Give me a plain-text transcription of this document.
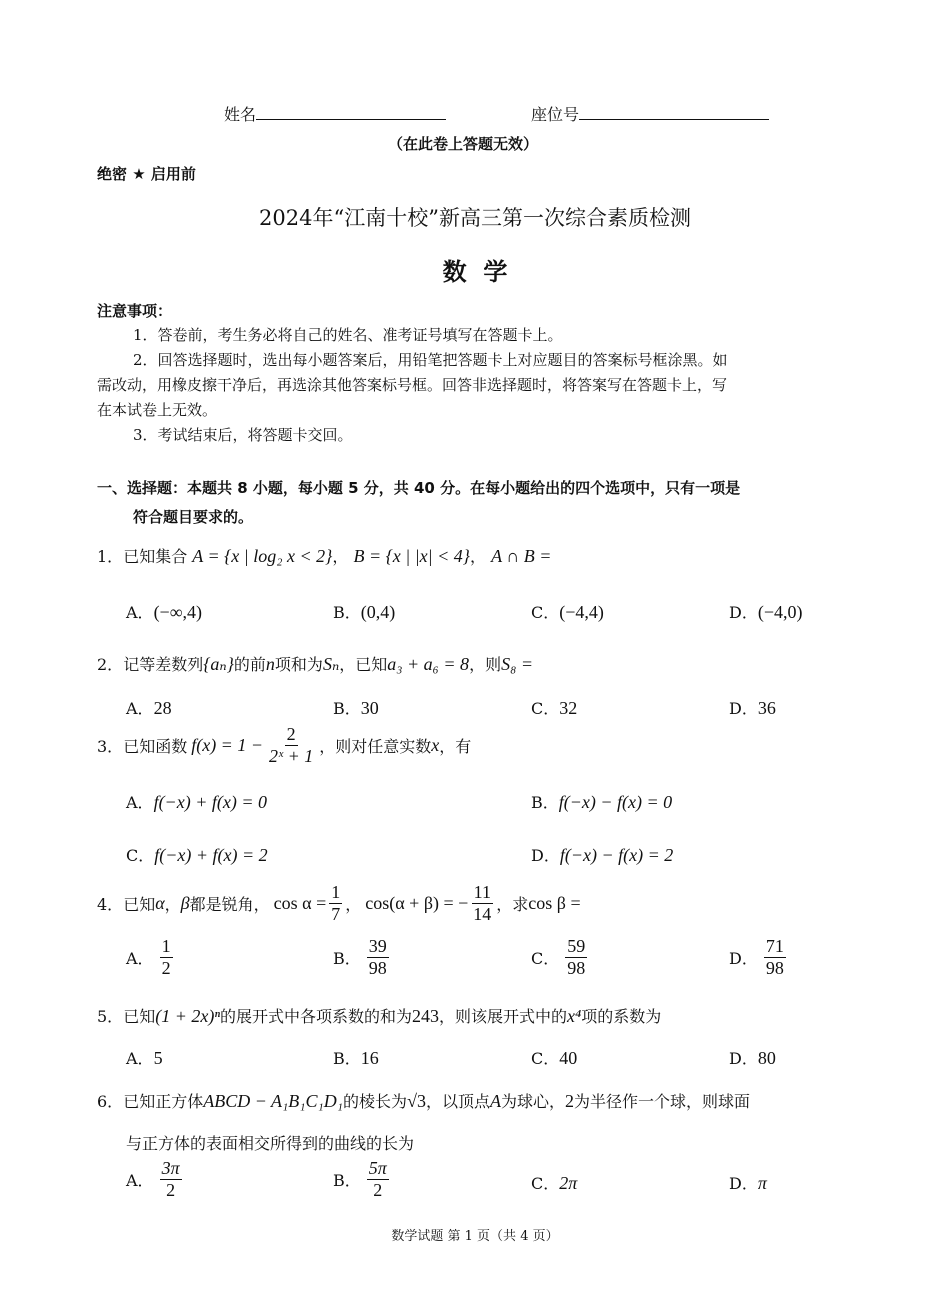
姓名	座位号
（在此卷上答题无效）
绝密 ★ 启用前
2024年“江南十校”新高三第一次综合素质检测
数  学
注意事项：
1．答卷前，考生务必将自己的姓名、准考证号填写在答题卡上。
2．回答选择题时，选出每小题答案后，用铅笔把答题卡上对应题目的答案标号框涂黑。如
需改动，用橡皮擦干净后，再选涂其他答案标号框。回答非选择题时，将答案写在答题卡上，写
在本试卷上无效。
3．考试结束后，将答题卡交回。
一、选择题：本题共 8 小题，每小题 5 分，共 40 分。在每小题给出的四个选项中，只有一项是
符合题目要求的。
1．已知集合 A = {x | log₂ x < 2}， B = {x | |x| < 4}， A ∩ B =
A．(−∞,4)	B．(0,4)	C．(−4,4)	D．(−4,0)
2．记等差数列{aₙ}的前n项和为Sₙ，已知a₃ + a₆ = 8，则S₈ =
A．28	B．30	C．32	D．36
3． 已知函数 $f(x) = 1 - \frac{2}{\text{2ˣ + 1}}$ ，则对任意实数 x ，有
A．f(−x) + f(x) = 0	B．f(−x) − f(x) = 0
C．f(−x) + f(x) = 2	D．f(−x) − f(x) = 2
4． 已知 α ， β 都是锐角， $\cos \alpha = \frac{1}{7}$ ， cos(α + β) = − $\frac{11}{14}$ ，求 cos β =
A． $\frac{1}{2}$	B． $\frac{39}{98}$	C． $\frac{59}{98}$	D． $\frac{71}{98}$
5．已知(1 + 2x)ⁿ的展开式中各项系数的和为243，则该展开式中的x⁴项的系数为
A．5	B．16	C．40	D．80
6．已知正方体ABCD − A₁B₁C₁D₁的棱长为√3，以顶点A为球心，2为半径作一个球，则球面
与正方体的表面相交所得到的曲线的长为
A． $\frac{3\pi}{2}$	B． $\frac{5\pi}{2}$	C．2π	D．π
数学试题 第 1 页（共 4 页）
